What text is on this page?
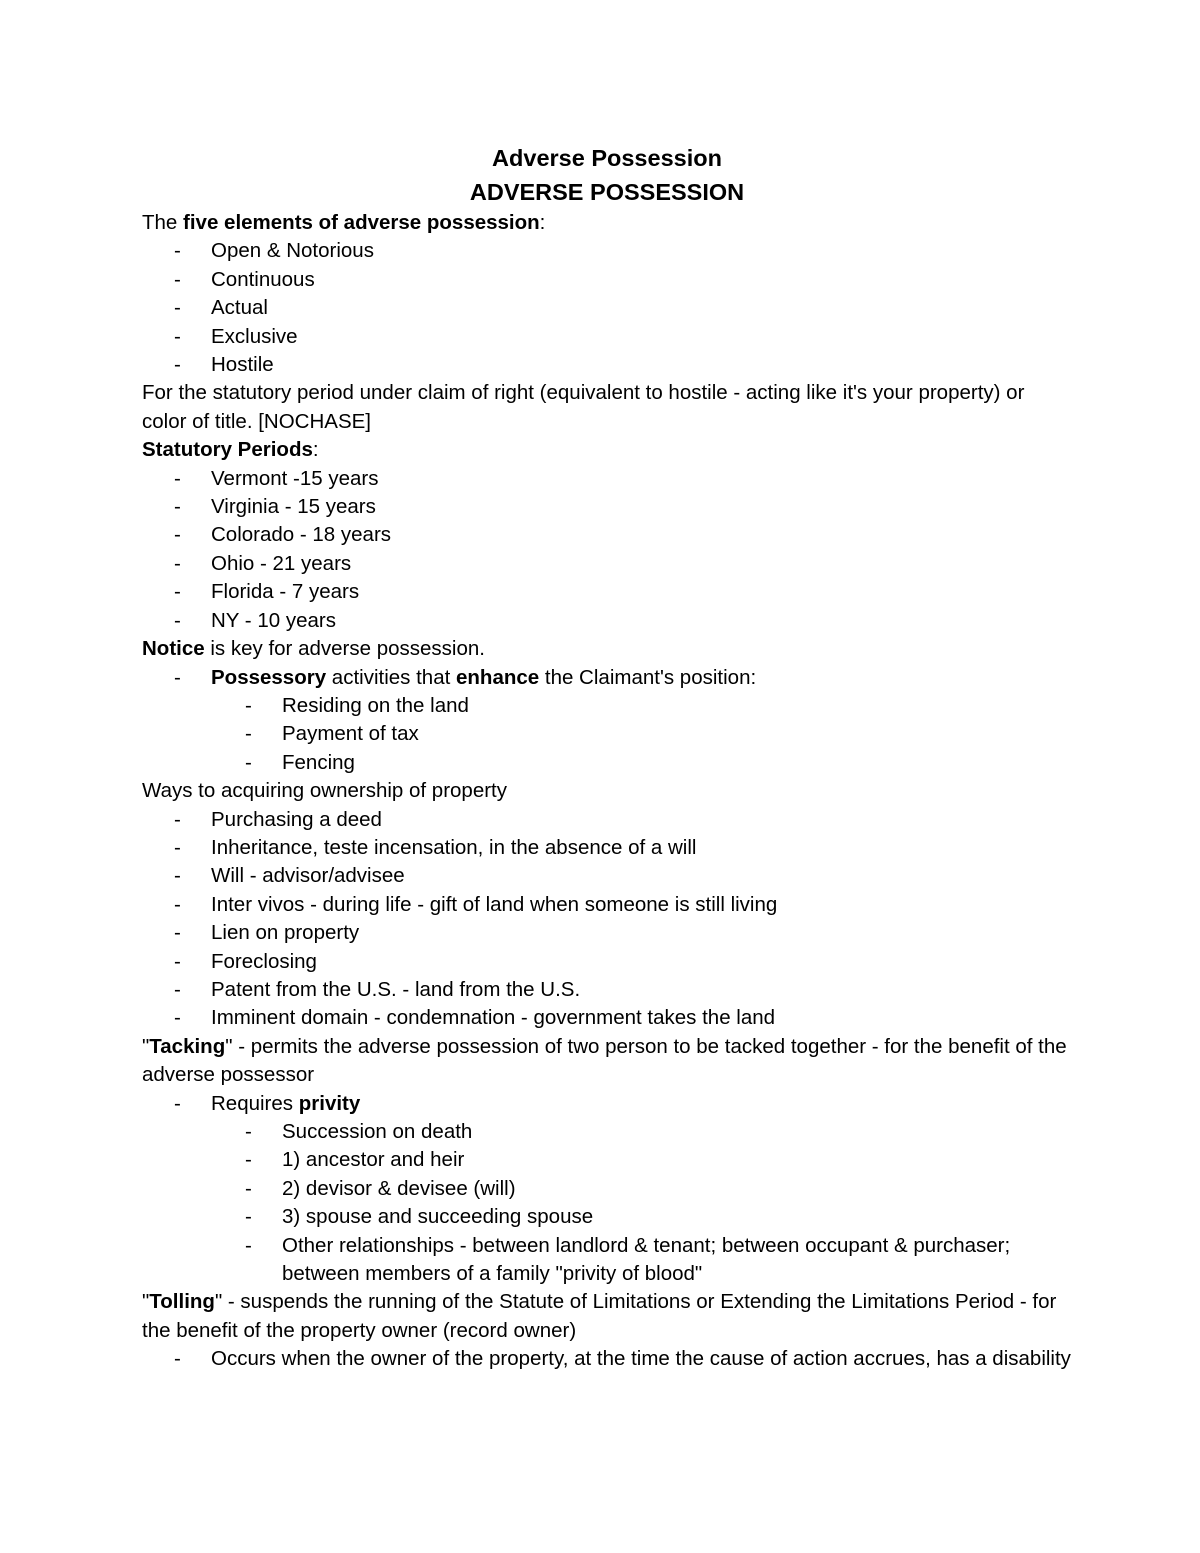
Adverse Possession
ADVERSE POSSESSION

The five elements of adverse possession:

-	Open & Notorious
-	Continuous
-	Actual
-	Exclusive
-	Hostile

For the statutory period under claim of right (equivalent to hostile - acting like it's your property) or color of title. [NOCHASE]

Statutory Periods:

-	Vermont -15 years
-	Virginia - 15 years
-	Colorado - 18 years
-	Ohio - 21 years
-	Florida - 7 years
-	NY - 10 years

Notice is key for adverse possession.

-	Possessory activities that enhance the Claimant's position:
-	Residing on the land
-	Payment of tax
-	Fencing

Ways to acquiring ownership of property

-	Purchasing a deed
-	Inheritance, teste incensation, in the absence of a will
-	Will - advisor/advisee
-	Inter vivos - during life - gift of land when someone is still living
-	Lien on property
-	Foreclosing
-	Patent from the U.S. - land from the U.S.
-	Imminent domain - condemnation - government takes the land

"Tacking" - permits the adverse possession of two person to be tacked together - for the benefit of the adverse possessor

-	Requires privity
-	Succession on death
-	1) ancestor and heir
-	2) devisor & devisee (will)
-	3) spouse and succeeding spouse
-	Other relationships - between landlord & tenant; between occupant & purchaser; between members of a family "privity of blood"

"Tolling" - suspends the running of the Statute of Limitations or Extending the Limitations Period - for the benefit of the property owner (record owner)

-	Occurs when the owner of the property, at the time the cause of action accrues, has a disability
